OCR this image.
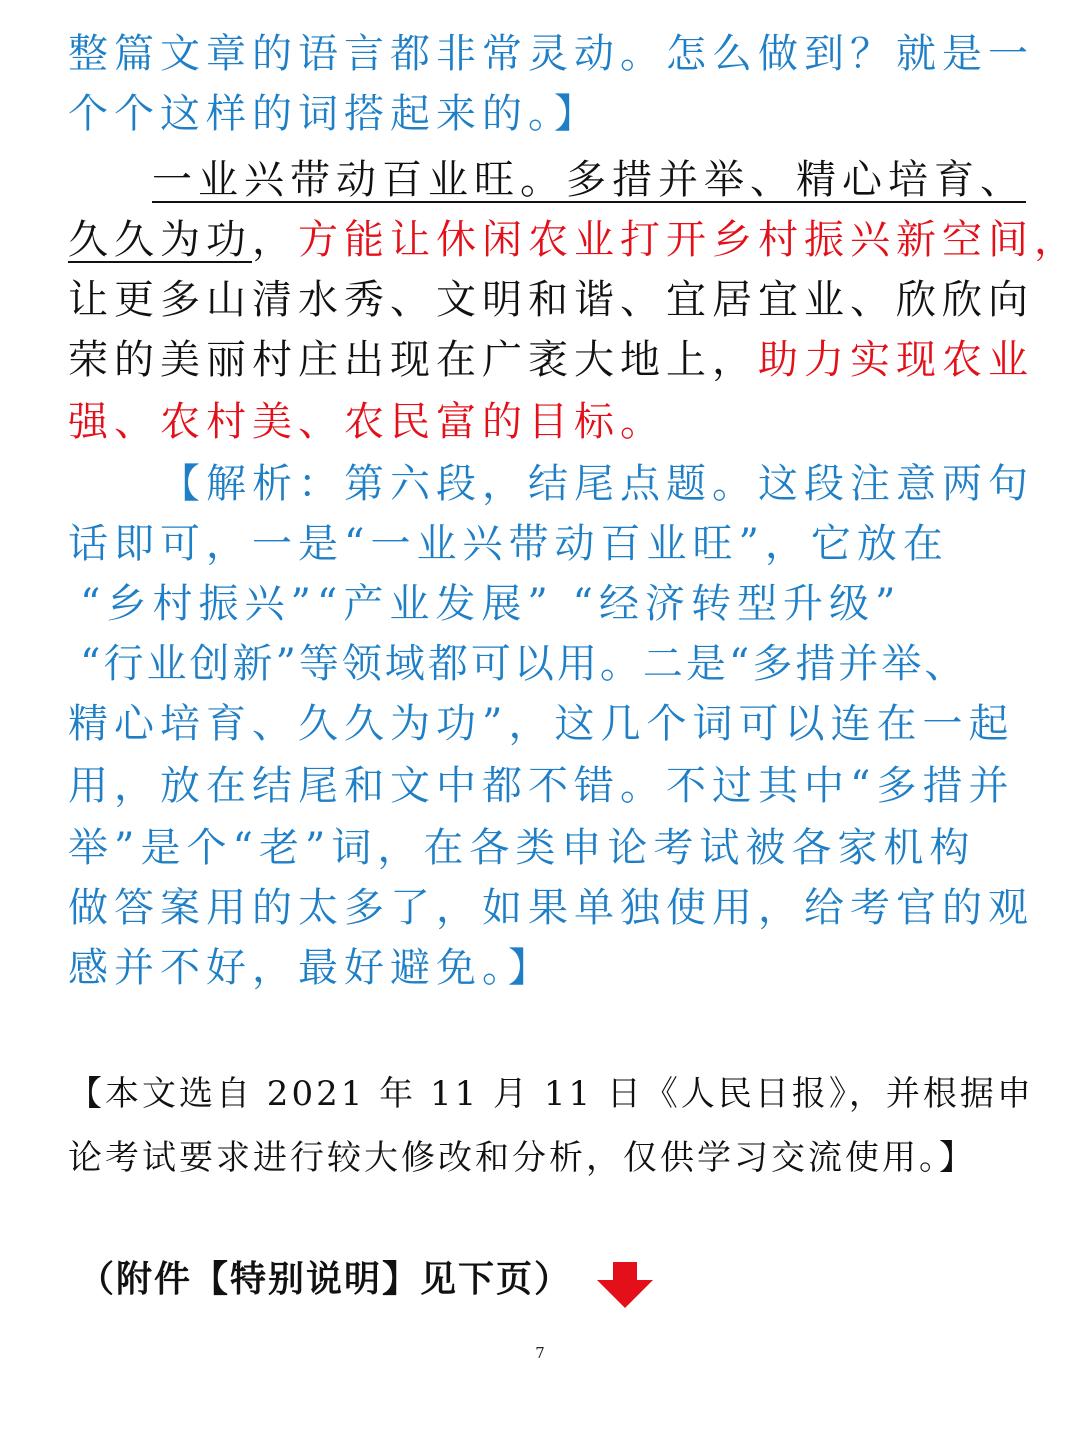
整篇文章的语言都非常灵动。怎么做到？就是一
个个这样的词搭起来的。】
一业兴带动百业旺。多措并举、精心培育、
久久为功，方能让休闲农业打开乡村振兴新空间，
让更多山清水秀、文明和谐、宜居宜业、欣欣向
荣的美丽村庄出现在广袤大地上，助力实现农业
强、农村美、农民富的目标。
【解析：第六段，结尾点题。这段注意两句
话即可，一是“一业兴带动百业旺”，它放在
“乡村振兴”“产业发展” “经济转型升级”
“行业创新”等领域都可以用。二是“多措并举、
精心培育、久久为功”，这几个词可以连在一起
用，放在结尾和文中都不错。不过其中“多措并
举”是个“老”词，在各类申论考试被各家机构
做答案用的太多了，如果单独使用，给考官的观
感并不好，最好避免。】
【本文选自 2021 年 11 月 11 日《人民日报》，并根据申
论考试要求进行较大修改和分析，仅供学习交流使用。】
（附件【特别说明】见下页）
7
